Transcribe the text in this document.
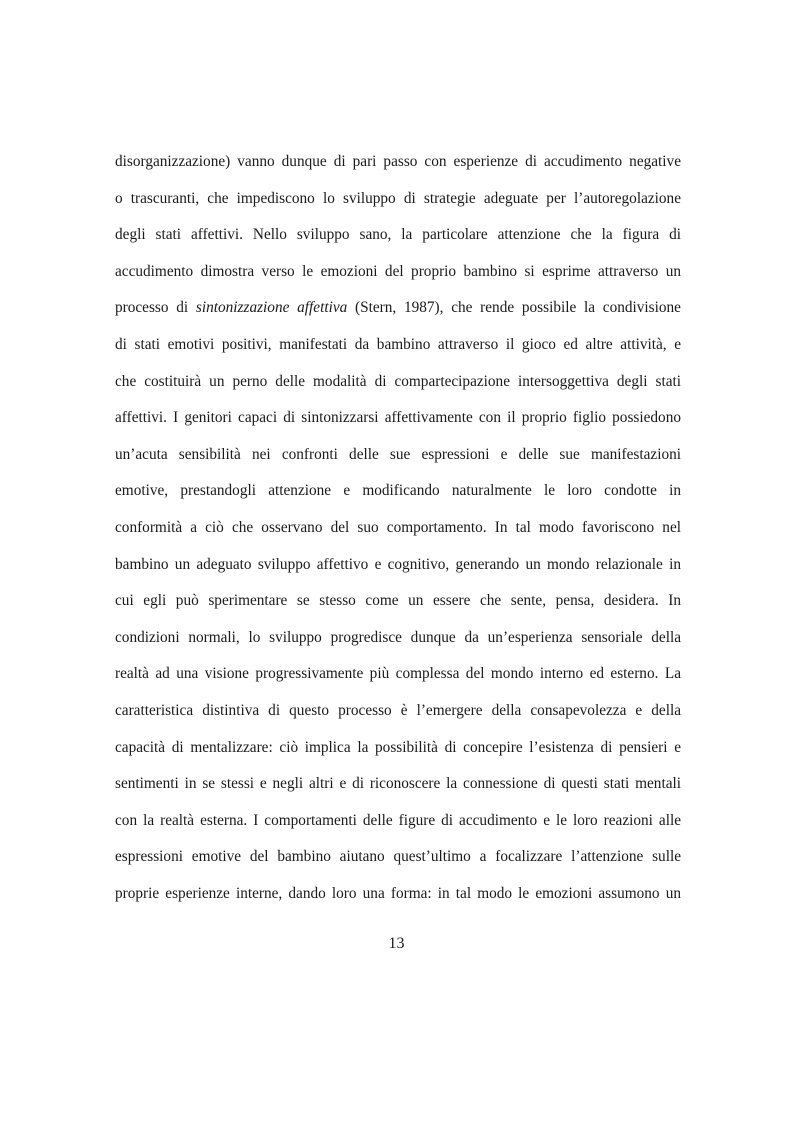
disorganizzazione) vanno dunque di pari passo con esperienze di accudimento negative
o trascuranti, che impediscono lo sviluppo di strategie adeguate per l’autoregolazione
degli stati affettivi. Nello sviluppo sano, la particolare attenzione che la figura di
accudimento dimostra verso le emozioni del proprio bambino si esprime attraverso un
processo di sintonizzazione affettiva (Stern, 1987), che rende possibile la condivisione
di stati emotivi positivi, manifestati da bambino attraverso il gioco ed altre attività, e
che costituirà un perno delle modalità di compartecipazione intersoggettiva degli stati
affettivi. I genitori capaci di sintonizzarsi affettivamente con il proprio figlio possiedono
un’acuta sensibilità nei confronti delle sue espressioni e delle sue manifestazioni
emotive, prestandogli attenzione e modificando naturalmente le loro condotte in
conformità a ciò che osservano del suo comportamento. In tal modo favoriscono nel
bambino un adeguato sviluppo affettivo e cognitivo, generando un mondo relazionale in
cui egli può sperimentare se stesso come un essere che sente, pensa, desidera. In
condizioni normali, lo sviluppo progredisce dunque da un’esperienza sensoriale della
realtà ad una visione progressivamente più complessa del mondo interno ed esterno. La
caratteristica distintiva di questo processo è l’emergere della consapevolezza e della
capacità di mentalizzare: ciò implica la possibilità di concepire l’esistenza di pensieri e
sentimenti in se stessi e negli altri e di riconoscere la connessione di questi stati mentali
con la realtà esterna. I comportamenti delle figure di accudimento e le loro reazioni alle
espressioni emotive del bambino aiutano quest’ultimo a focalizzare l’attenzione sulle
proprie esperienze interne, dando loro una forma: in tal modo le emozioni assumono un
13
